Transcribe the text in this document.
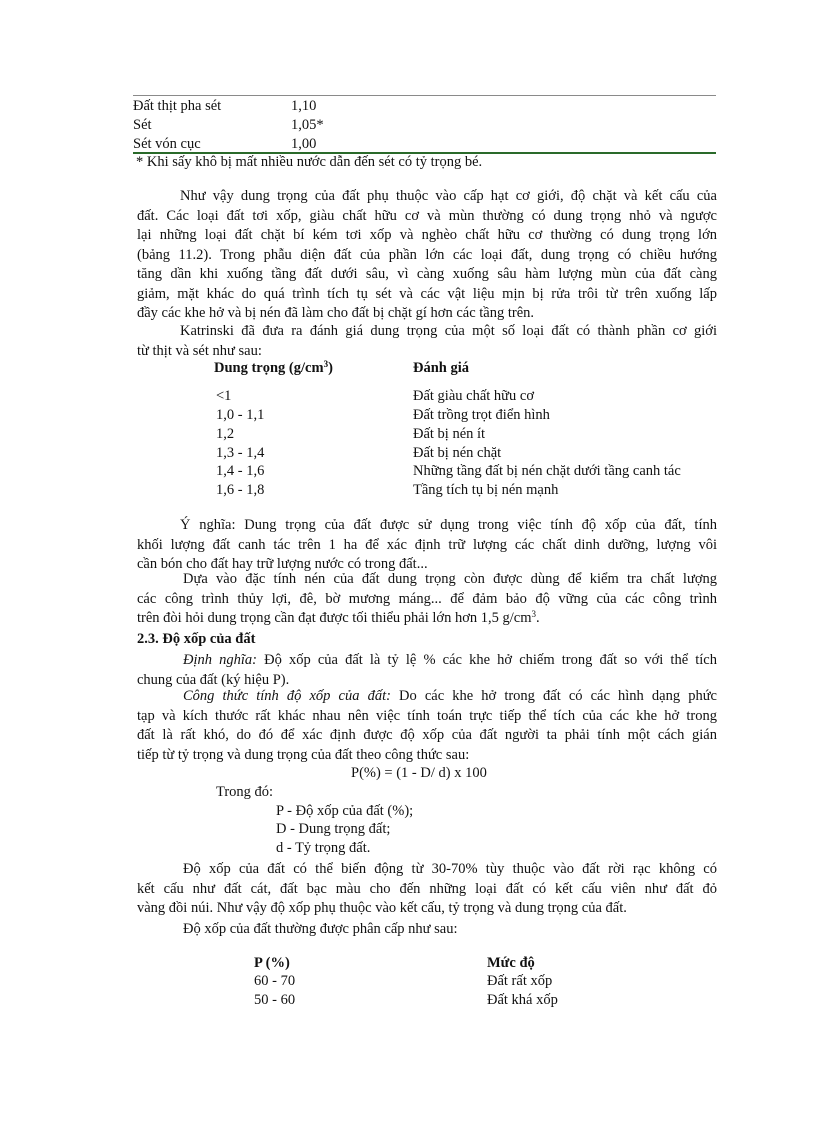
Đất thịt pha sét	1,10
Sét	1,05*
Sét vón cục	1,00
* Khi sấy khô bị mất nhiều nước dẫn đến sét có tỷ trọng bé.
Như vậy dung trọng của đất phụ thuộc vào cấp hạt cơ giới, độ chặt và kết cấu của
đất. Các loại đất tơi xốp, giàu chất hữu cơ và mùn thường có dung trọng nhỏ và ngược
lại những loại đất chặt bí kém tơi xốp và nghèo chất hữu cơ thường có dung trọng lớn
(bảng 11.2). Trong phẫu diện đất của phần lớn các loại đất, dung trọng có chiều hướng
tăng dần khi xuống tầng đất dưới sâu, vì càng xuống sâu hàm lượng mùn của đất càng
giảm, mặt khác do quá trình tích tụ sét và các vật liệu mịn bị rửa trôi từ trên xuống lấp
đầy các khe hở và bị nén đã làm cho đất bị chặt gí hơn các tầng trên.
Katrinski đã đưa ra đánh giá dung trọng của một số loại đất có thành phần cơ giới
từ thịt và sét như sau:
Dung trọng $(g/cm^3)$	Đánh giá
<1	Đất giàu chất hữu cơ
1,0 - 1,1	Đất trồng trọt điển hình
1,2	Đất bị nén ít
1,3 - 1,4	Đất bị nén chặt
1,4 - 1,6	Những tầng đất bị nén chặt dưới tầng canh tác
1,6 - 1,8	Tầng tích tụ bị nén mạnh
Ý nghĩa: Dung trọng của đất được sử dụng trong việc tính độ xốp của đất, tính
khối lượng đất canh tác trên 1 ha để xác định trữ lượng các chất dinh dưỡng, lượng vôi
cần bón cho đất hay trữ lượng nước có trong đất...
Dựa vào đặc tính nén của đất dung trọng còn được dùng để kiểm tra chất lượng
các công trình thủy lợi, đê, bờ mương máng... để đảm bảo độ vững của các công trình
trên đòi hỏi dung trọng cần đạt được tối thiểu phải lớn hơn 1,5 $g/cm^3$.
2.3. Độ xốp của đất
Định nghĩa: Độ xốp của đất là tỷ lệ % các khe hở chiếm trong đất so với thể tích
chung của đất (ký hiệu P).
Công thức tính độ xốp của đất: Do các khe hở trong đất có các hình dạng phức
tạp và kích thước rất khác nhau nên việc tính toán trực tiếp thể tích của các khe hở trong
đất là rất khó, do đó để xác định được độ xốp của đất người ta phải tính một cách gián
tiếp từ tỷ trọng và dung trọng của đất theo công thức sau:
P(%) = (1 - D/ d) x 100
Trong đó:
P - Độ xốp của đất (%);
D - Dung trọng đất;
d - Tỷ trọng đất.
Độ xốp của đất có thể biến động từ 30-70% tùy thuộc vào đất rời rạc không có
kết cấu như đất cát, đất bạc màu cho đến những loại đất có kết cấu viên như đất đỏ
vàng đồi núi. Như vậy độ xốp phụ thuộc vào kết cấu, tỷ trọng và dung trọng của đất.
Độ xốp của đất thường được phân cấp như sau:
P (%)	Mức độ
60 - 70	Đất rất xốp
50 - 60	Đất khá xốp
